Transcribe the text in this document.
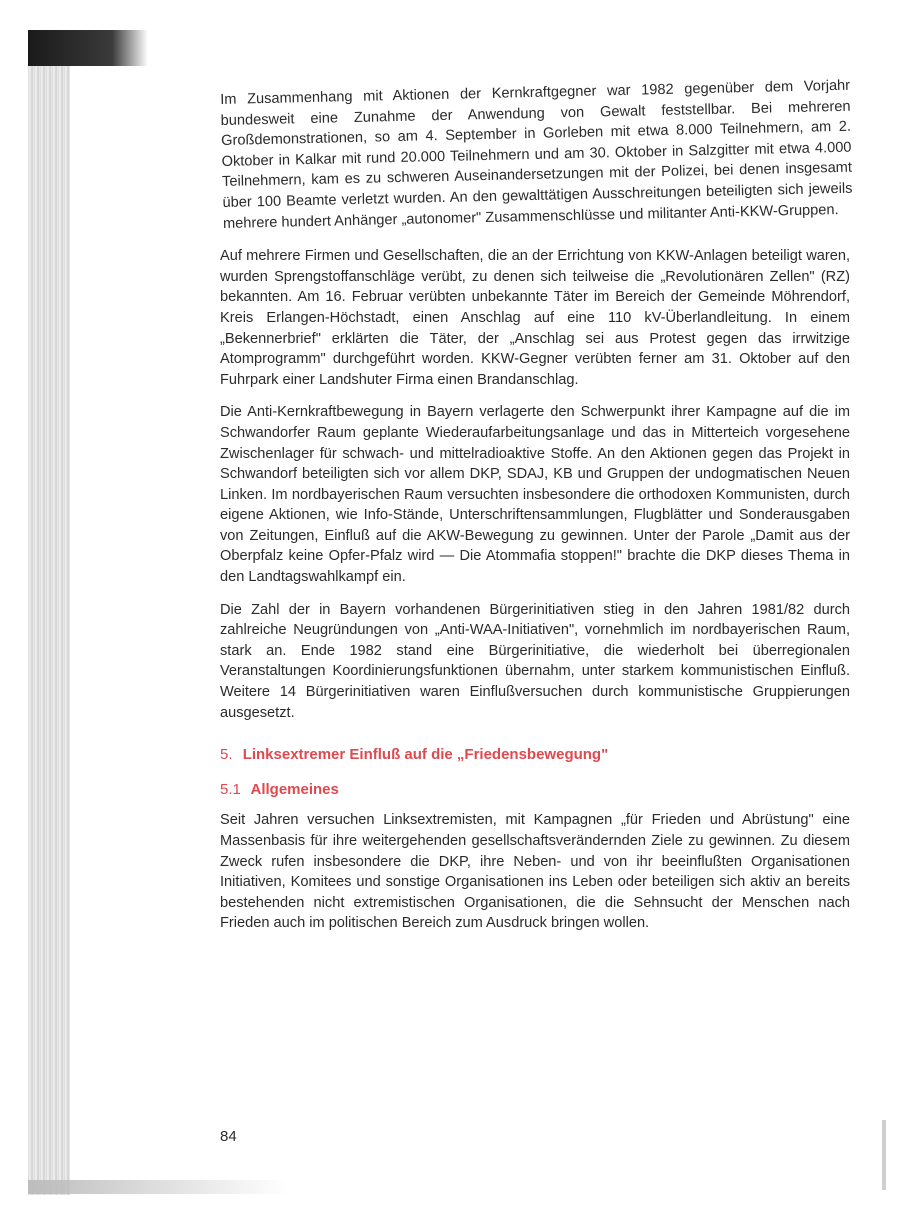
Im Zusammenhang mit Aktionen der Kernkraftgegner war 1982 gegenüber dem Vorjahr bundesweit eine Zunahme der Anwendung von Gewalt feststellbar. Bei mehreren Großdemonstrationen, so am 4. September in Gorleben mit etwa 8.000 Teilnehmern, am 2. Oktober in Kalkar mit rund 20.000 Teilnehmern und am 30. Oktober in Salzgitter mit etwa 4.000 Teilnehmern, kam es zu schweren Auseinandersetzungen mit der Polizei, bei denen insgesamt über 100 Beamte verletzt wurden. An den gewalttätigen Ausschreitungen beteiligten sich jeweils mehrere hundert Anhänger „autonomer" Zusammenschlüsse und militanter Anti-KKW-Gruppen.

Auf mehrere Firmen und Gesellschaften, die an der Errichtung von KKW-Anlagen beteiligt waren, wurden Sprengstoffanschläge verübt, zu denen sich teilweise die „Revolutionären Zellen" (RZ) bekannten. Am 16. Februar verübten unbekannte Täter im Bereich der Gemeinde Möhrendorf, Kreis Erlangen-Höchstadt, einen Anschlag auf eine 110 kV-Überlandleitung. In einem „Bekennerbrief" erklärten die Täter, der „Anschlag sei aus Protest gegen das irrwitzige Atomprogramm" durchgeführt worden. KKW-Gegner verübten ferner am 31. Oktober auf den Fuhrpark einer Landshuter Firma einen Brandanschlag.

Die Anti-Kernkraftbewegung in Bayern verlagerte den Schwerpunkt ihrer Kampagne auf die im Schwandorfer Raum geplante Wiederaufarbeitungsanlage und das in Mitterteich vorgesehene Zwischenlager für schwach- und mittelradioaktive Stoffe. An den Aktionen gegen das Projekt in Schwandorf beteiligten sich vor allem DKP, SDAJ, KB und Gruppen der undogmatischen Neuen Linken. Im nordbayerischen Raum versuchten insbesondere die orthodoxen Kommunisten, durch eigene Aktionen, wie Info-Stände, Unterschriftensammlungen, Flugblätter und Sonderausgaben von Zeitungen, Einfluß auf die AKW-Bewegung zu gewinnen. Unter der Parole „Damit aus der Oberpfalz keine Opfer-Pfalz wird — Die Atommafia stoppen!" brachte die DKP dieses Thema in den Landtagswahlkampf ein.

Die Zahl der in Bayern vorhandenen Bürgerinitiativen stieg in den Jahren 1981/82 durch zahlreiche Neugründungen von „Anti-WAA-Initiativen", vornehmlich im nordbayerischen Raum, stark an. Ende 1982 stand eine Bürgerinitiative, die wiederholt bei überregionalen Veranstaltungen Koordinierungsfunktionen übernahm, unter starkem kommunistischen Einfluß. Weitere 14 Bürgerinitiativen waren Einflußversuchen durch kommunistische Gruppierungen ausgesetzt.

5. Linksextremer Einfluß auf die „Friedensbewegung"
5.1 Allgemeines

Seit Jahren versuchen Linksextremisten, mit Kampagnen „für Frieden und Abrüstung" eine Massenbasis für ihre weitergehenden gesellschaftsverändernden Ziele zu gewinnen. Zu diesem Zweck rufen insbesondere die DKP, ihre Neben- und von ihr beeinflußten Organisationen Initiativen, Komitees und sonstige Organisationen ins Leben oder beteiligen sich aktiv an bereits bestehenden nicht extremistischen Organisationen, die die Sehnsucht der Menschen nach Frieden auch im politischen Bereich zum Ausdruck bringen wollen.

84
